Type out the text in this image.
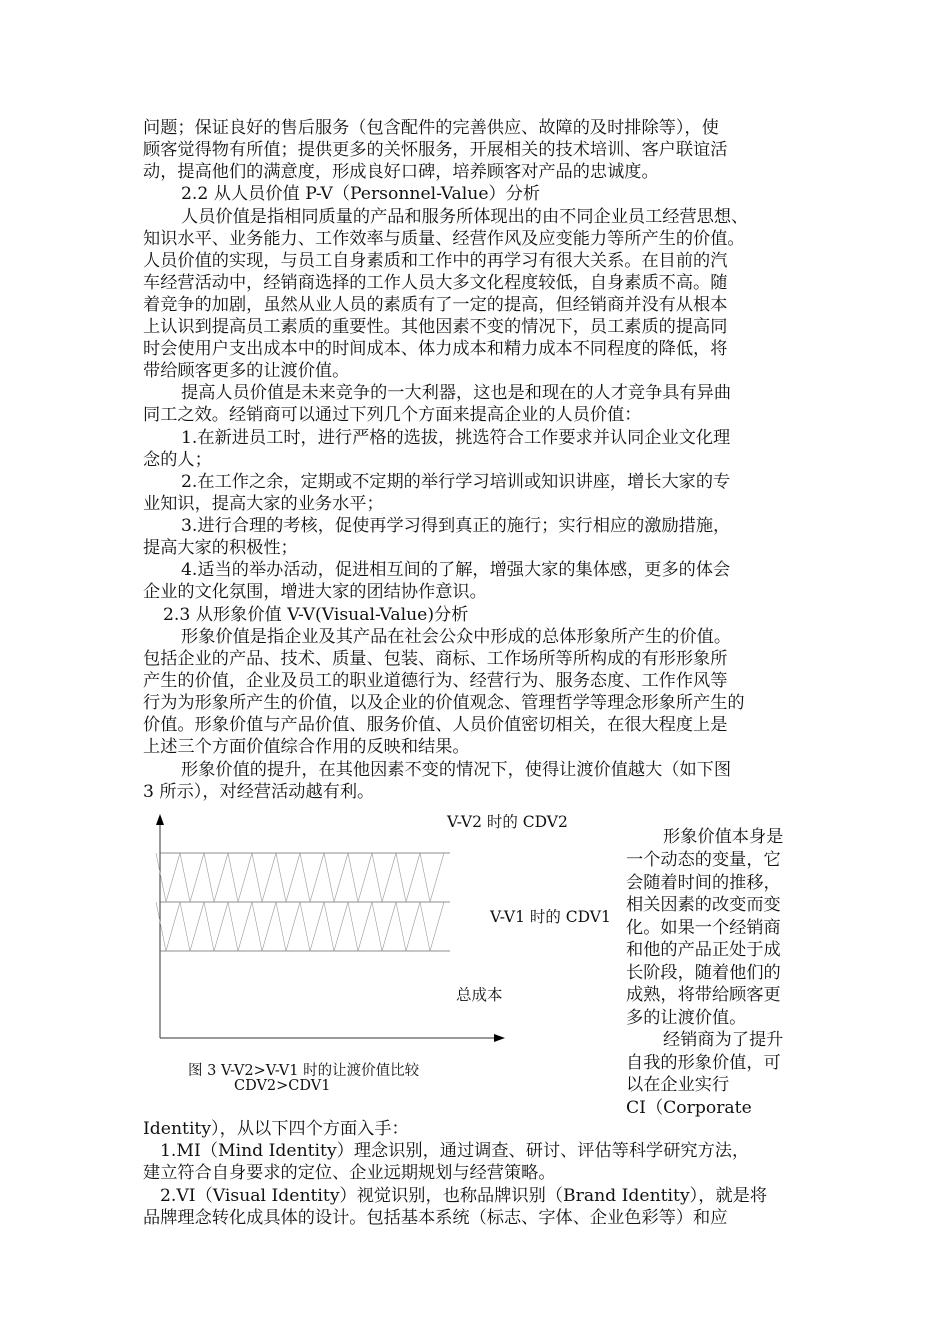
问题；保证良好的售后服务（包含配件的完善供应、故障的及时排除等），使
顾客觉得物有所值；提供更多的关怀服务，开展相关的技术培训、客户联谊活
动，提高他们的满意度，形成良好口碑，培养顾客对产品的忠诚度。
2.2 从人员价值 P-V（Personnel-Value）分析
人员价值是指相同质量的产品和服务所体现出的由不同企业员工经营思想、
知识水平、业务能力、工作效率与质量、经营作风及应变能力等所产生的价值。
人员价值的实现，与员工自身素质和工作中的再学习有很大关系。在目前的汽
车经营活动中，经销商选择的工作人员大多文化程度较低，自身素质不高。随
着竞争的加剧，虽然从业人员的素质有了一定的提高，但经销商并没有从根本
上认识到提高员工素质的重要性。其他因素不变的情况下，员工素质的提高同
时会使用户支出成本中的时间成本、体力成本和精力成本不同程度的降低，将
带给顾客更多的让渡价值。
提高人员价值是未来竞争的一大利器，这也是和现在的人才竞争具有异曲
同工之效。经销商可以通过下列几个方面来提高企业的人员价值：
1.在新进员工时，进行严格的选拔，挑选符合工作要求并认同企业文化理
念的人；
2.在工作之余，定期或不定期的举行学习培训或知识讲座，增长大家的专
业知识，提高大家的业务水平；
3.进行合理的考核，促使再学习得到真正的施行；实行相应的激励措施，
提高大家的积极性；
4.适当的举办活动，促进相互间的了解，增强大家的集体感，更多的体会
企业的文化氛围，增进大家的团结协作意识。
2.3 从形象价值 V-V(Visual-Value)分析
形象价值是指企业及其产品在社会公众中形成的总体形象所产生的价值。
包括企业的产品、技术、质量、包装、商标、工作场所等所构成的有形形象所
产生的价值，企业及员工的职业道德行为、经营行为、服务态度、工作作风等
行为为形象所产生的价值，以及企业的价值观念、管理哲学等理念形象所产生的
价值。形象价值与产品价值、服务价值、人员价值密切相关，在很大程度上是
上述三个方面价值综合作用的反映和结果。
形象价值的提升，在其他因素不变的情况下，使得让渡价值越大（如下图
3 所示），对经营活动越有利。
V-V2 时的 CDV2
V-V1 时的 CDV1
总成本
图 3 V-V2>V-V1 时的让渡价值比较
CDV2>CDV1
形象价值本身是
一个动态的变量，它
会随着时间的推移，
相关因素的改变而变
化。如果一个经销商
和他的产品正处于成
长阶段，随着他们的
成熟，将带给顾客更
多的让渡价值。
经销商为了提升
自我的形象价值，可
以在企业实行
CI（Corporate
Identity），从以下四个方面入手：
1.MI（Mind Identity）理念识别，通过调查、研讨、评估等科学研究方法，
建立符合自身要求的定位、企业远期规划与经营策略。
2.VI（Visual Identity）视觉识别，也称品牌识别（Brand Identity），就是将
品牌理念转化成具体的设计。包括基本系统（标志、字体、企业色彩等）和应
